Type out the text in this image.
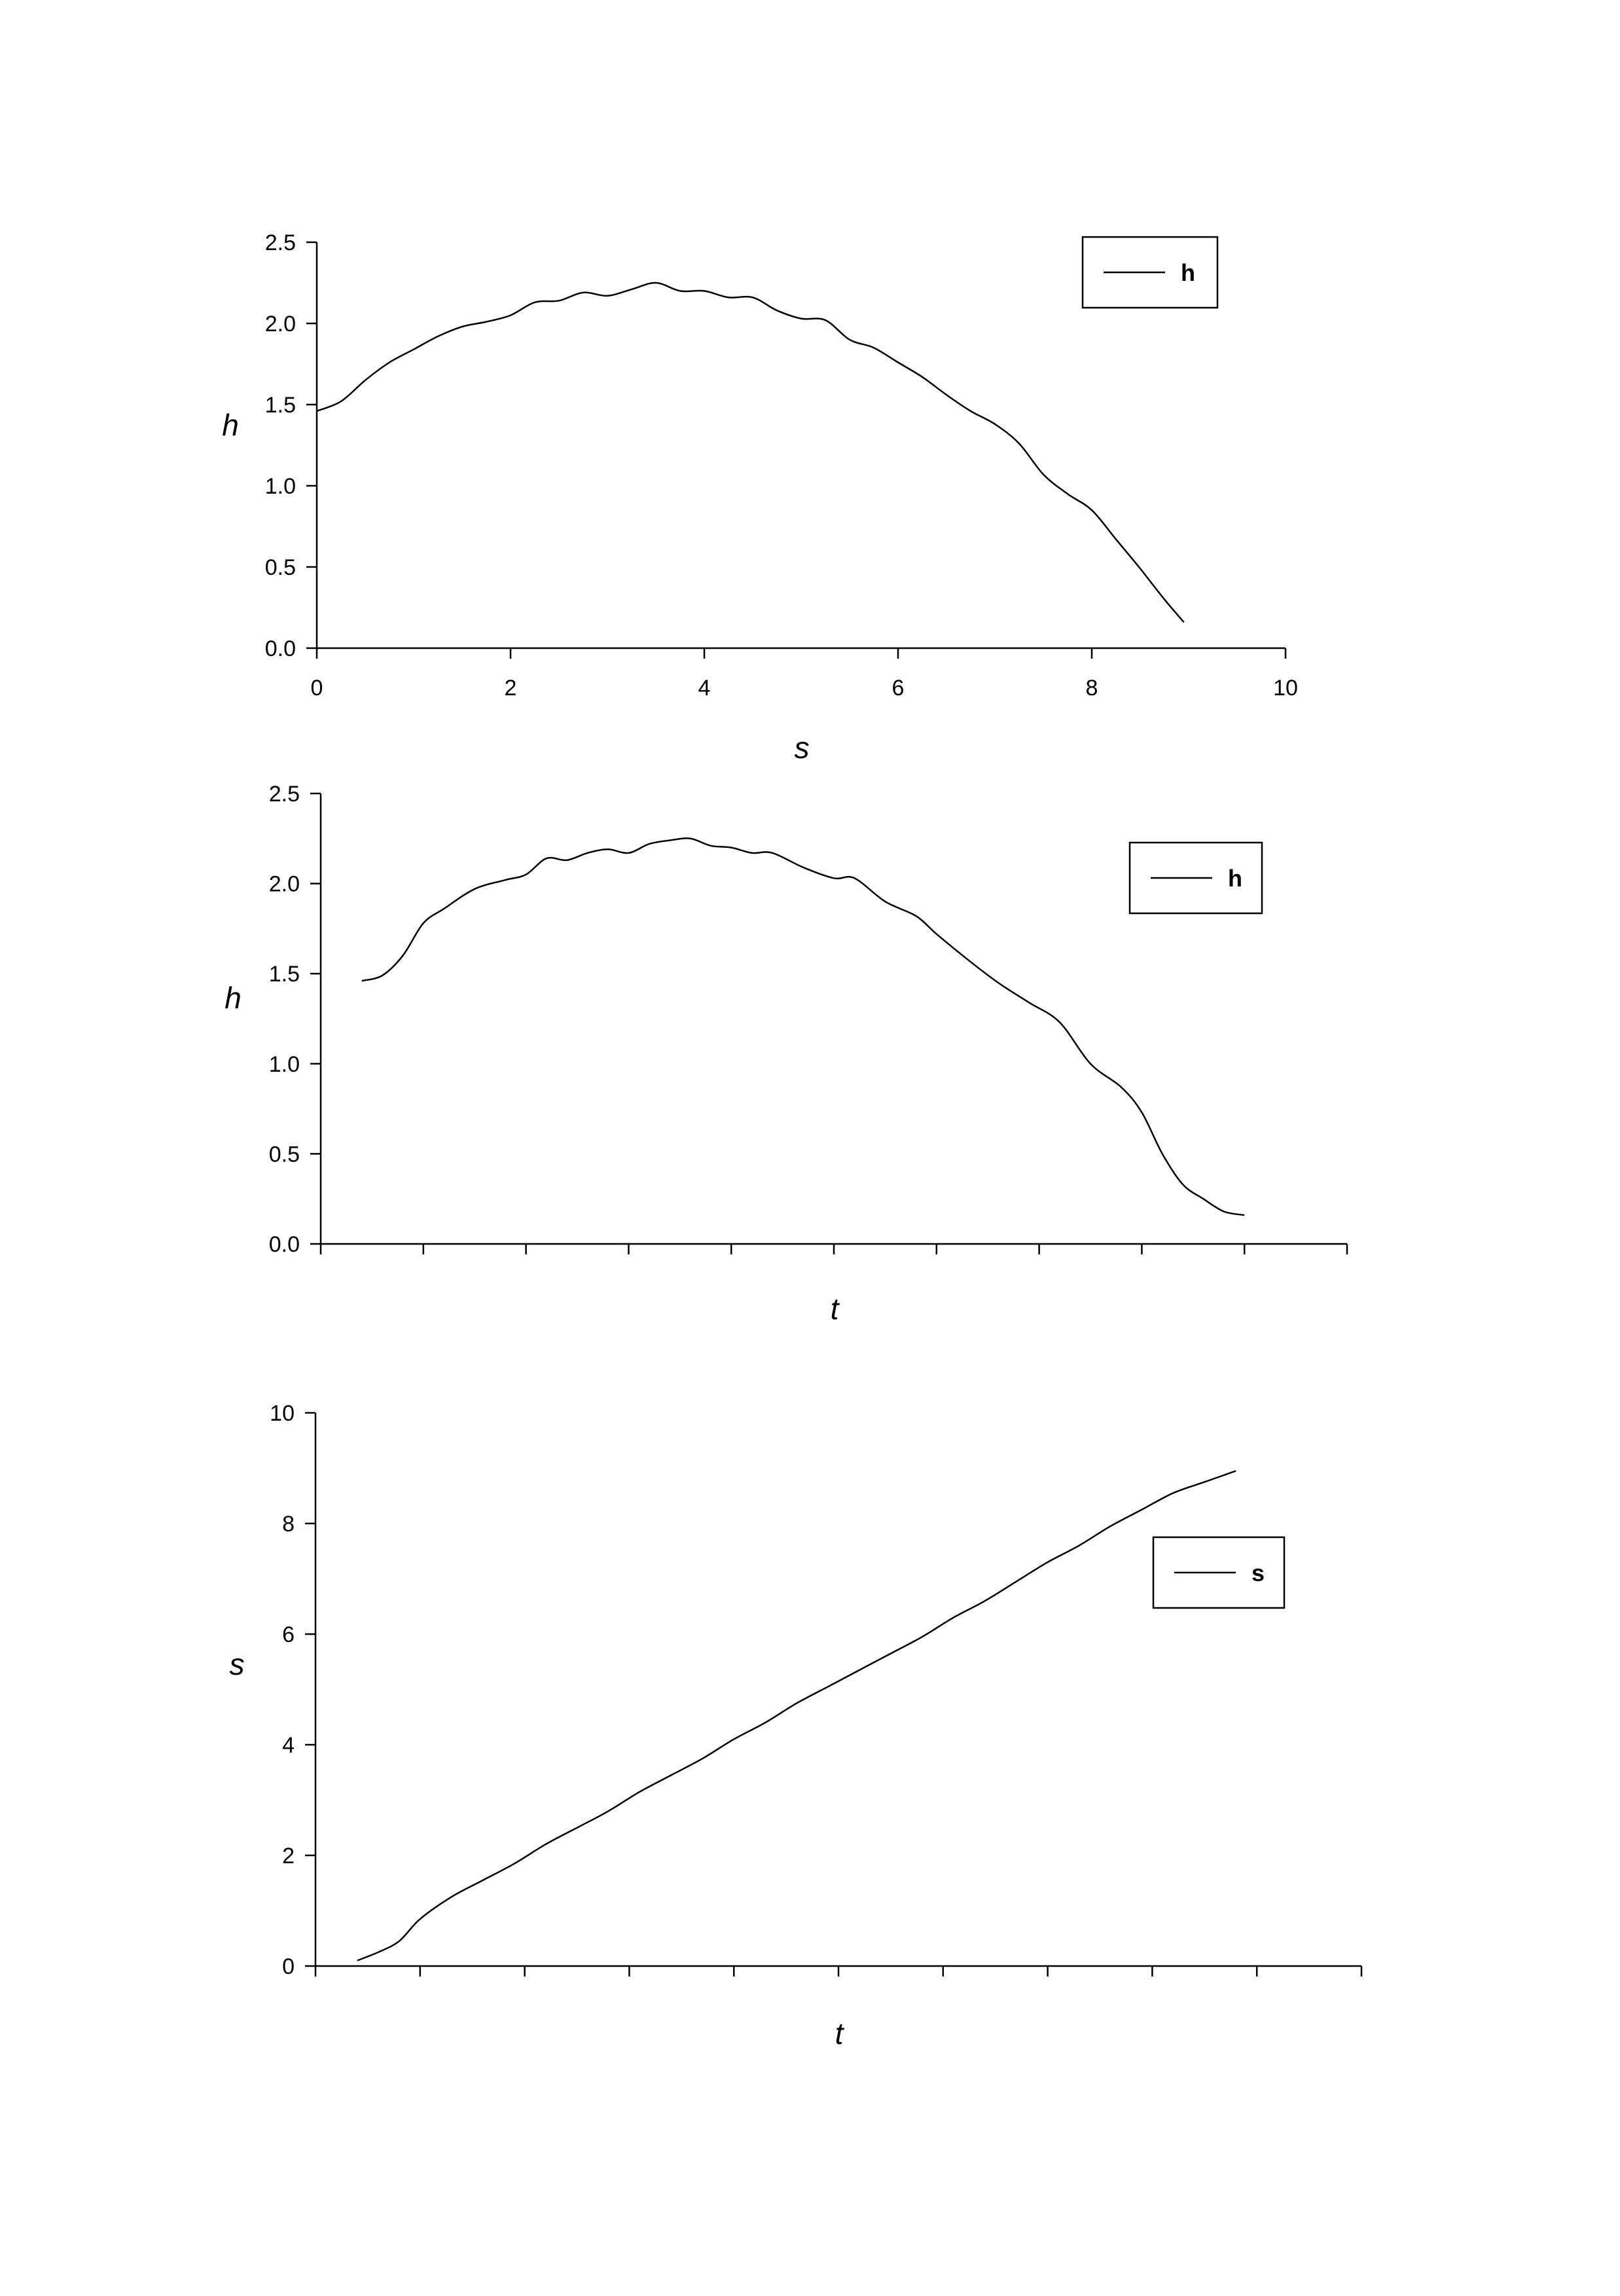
0.0
0.5
1.0
1.5
2.0
2.5
0	2	4	6	8	10
s
h
h
0.0
0.5
1.0
1.5
2.0
2.5
t
h
h
0
2
4
6
8
10
t
s
s
